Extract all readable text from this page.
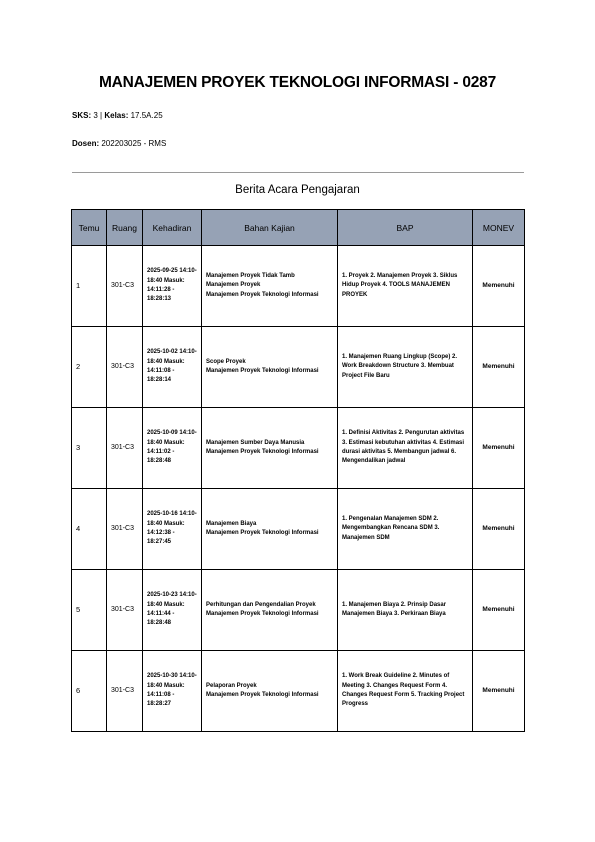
MANAJEMEN PROYEK TEKNOLOGI INFORMASI - 0287
SKS: 3 | Kelas: 17.5A.25
Dosen: 202203025 - RMS
Berita Acara Pengajaran
Temu	Ruang	Kehadiran	Bahan Kajian	BAP	MONEV
1	301-C3	2025-09-25 14:10-18:40 Masuk: 14:11:28 - 18:28:13	Manajemen Proyek Tidak Tamb
Manajemen Proyek
Manajemen Proyek Teknologi Informasi	1. Proyek 2. Manajemen Proyek 3. Siklus Hidup Proyek 4. TOOLS MANAJEMEN PROYEK	Memenuhi
2	301-C3	2025-10-02 14:10-18:40 Masuk: 14:11:08 - 18:28:14	Scope Proyek
Manajemen Proyek Teknologi Informasi	1. Manajemen Ruang Lingkup (Scope) 2. Work Breakdown Structure 3. Membuat Project File Baru	Memenuhi
3	301-C3	2025-10-09 14:10-18:40 Masuk: 14:11:02 - 18:28:48	Manajemen Sumber Daya Manusia
Manajemen Proyek Teknologi Informasi	1. Definisi Aktivitas 2. Pengurutan aktivitas 3. Estimasi kebutuhan aktivitas 4. Estimasi durasi aktivitas 5. Membangun jadwal 6. Mengendalikan jadwal	Memenuhi
4	301-C3	2025-10-16 14:10-18:40 Masuk: 14:12:38 - 18:27:45	Manajemen Biaya
Manajemen Proyek Teknologi Informasi	1. Pengenalan Manajemen SDM 2. Mengembangkan Rencana SDM 3. Manajemen SDM	Memenuhi
5	301-C3	2025-10-23 14:10-18:40 Masuk: 14:11:44 - 18:28:48	Perhitungan dan Pengendalian Proyek
Manajemen Proyek Teknologi Informasi	1. Manajemen Biaya 2. Prinsip Dasar Manajemen Biaya 3. Perkiraan Biaya	Memenuhi
6	301-C3	2025-10-30 14:10-18:40 Masuk: 14:11:08 - 18:28:27	Pelaporan Proyek
Manajemen Proyek Teknologi Informasi	1. Work Break Guideline 2. Minutes of Meeting 3. Changes Request Form 4. Changes Request Form 5. Tracking Project Progress	Memenuhi
